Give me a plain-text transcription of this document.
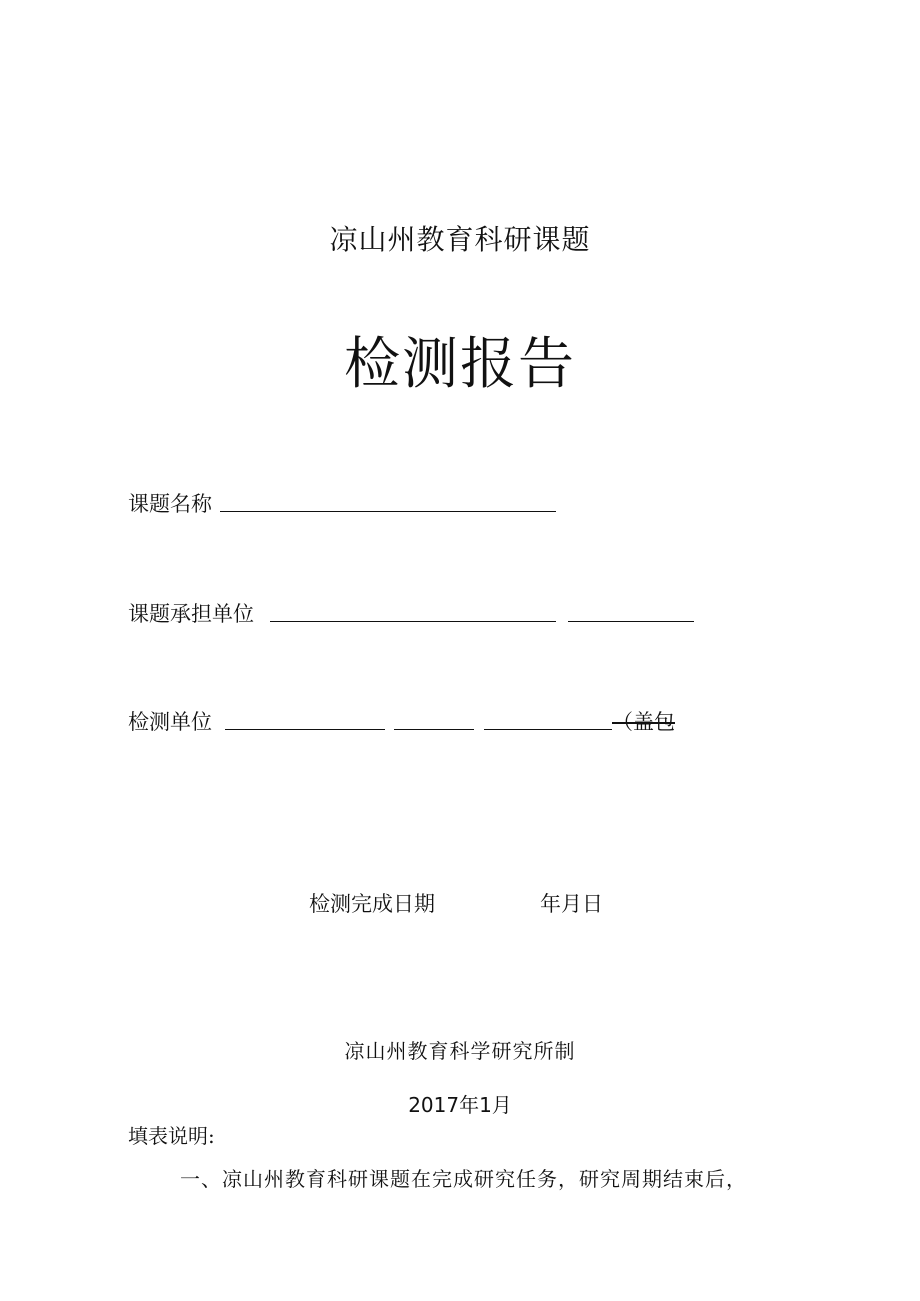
凉山州教育科研课题
检测报告
课题名称
课题承担单位
检测单位	（盖包
检测完成日期	年月日
凉山州教育科学研究所制
2017年1月
填表说明:
一、凉山州教育科研课题在完成研究任务，研究周期结束后，
